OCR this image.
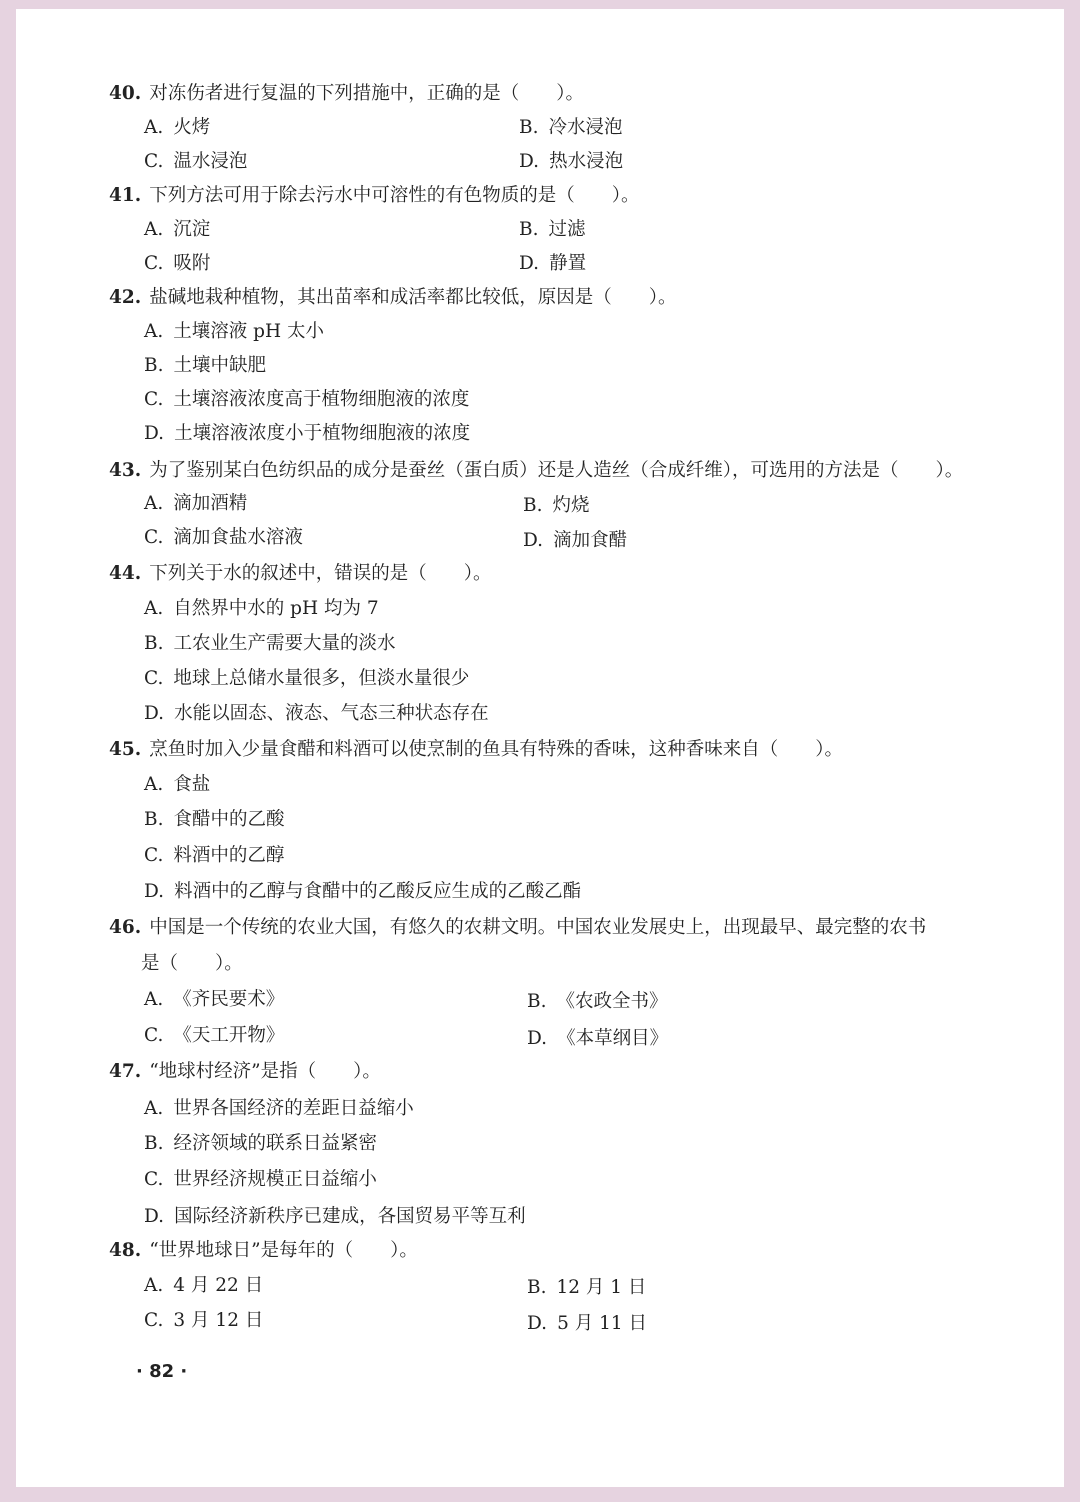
40. 对冻伤者进行复温的下列措施中，正确的是（　　）。
A. 火烤	B. 冷水浸泡
C. 温水浸泡	D. 热水浸泡
41. 下列方法可用于除去污水中可溶性的有色物质的是（　　）。
A. 沉淀	B. 过滤
C. 吸附	D. 静置
42. 盐碱地栽种植物，其出苗率和成活率都比较低，原因是（　　）。
A. 土壤溶液 pH 太小
B. 土壤中缺肥
C. 土壤溶液浓度高于植物细胞液的浓度
D. 土壤溶液浓度小于植物细胞液的浓度
43. 为了鉴别某白色纺织品的成分是蚕丝（蛋白质）还是人造丝（合成纤维），可选用的方法是（　　）。
A. 滴加酒精	B. 灼烧
C. 滴加食盐水溶液	D. 滴加食醋
44. 下列关于水的叙述中，错误的是（　　）。
A. 自然界中水的 pH 均为 7
B. 工农业生产需要大量的淡水
C. 地球上总储水量很多，但淡水量很少
D. 水能以固态、液态、气态三种状态存在
45. 烹鱼时加入少量食醋和料酒可以使烹制的鱼具有特殊的香味，这种香味来自（　　）。
A. 食盐
B. 食醋中的乙酸
C. 料酒中的乙醇
D. 料酒中的乙醇与食醋中的乙酸反应生成的乙酸乙酯
46. 中国是一个传统的农业大国，有悠久的农耕文明。中国农业发展史上，出现最早、最完整的农书
是（　　）。
A. 《齐民要术》	B. 《农政全书》
C. 《天工开物》	D. 《本草纲目》
47. “地球村经济”是指（　　）。
A. 世界各国经济的差距日益缩小
B. 经济领域的联系日益紧密
C. 世界经济规模正日益缩小
D. 国际经济新秩序已建成，各国贸易平等互利
48. “世界地球日”是每年的（　　）。
A. 4 月 22 日	B. 12 月 1 日
C. 3 月 12 日	D. 5 月 11 日
· 82 ·
